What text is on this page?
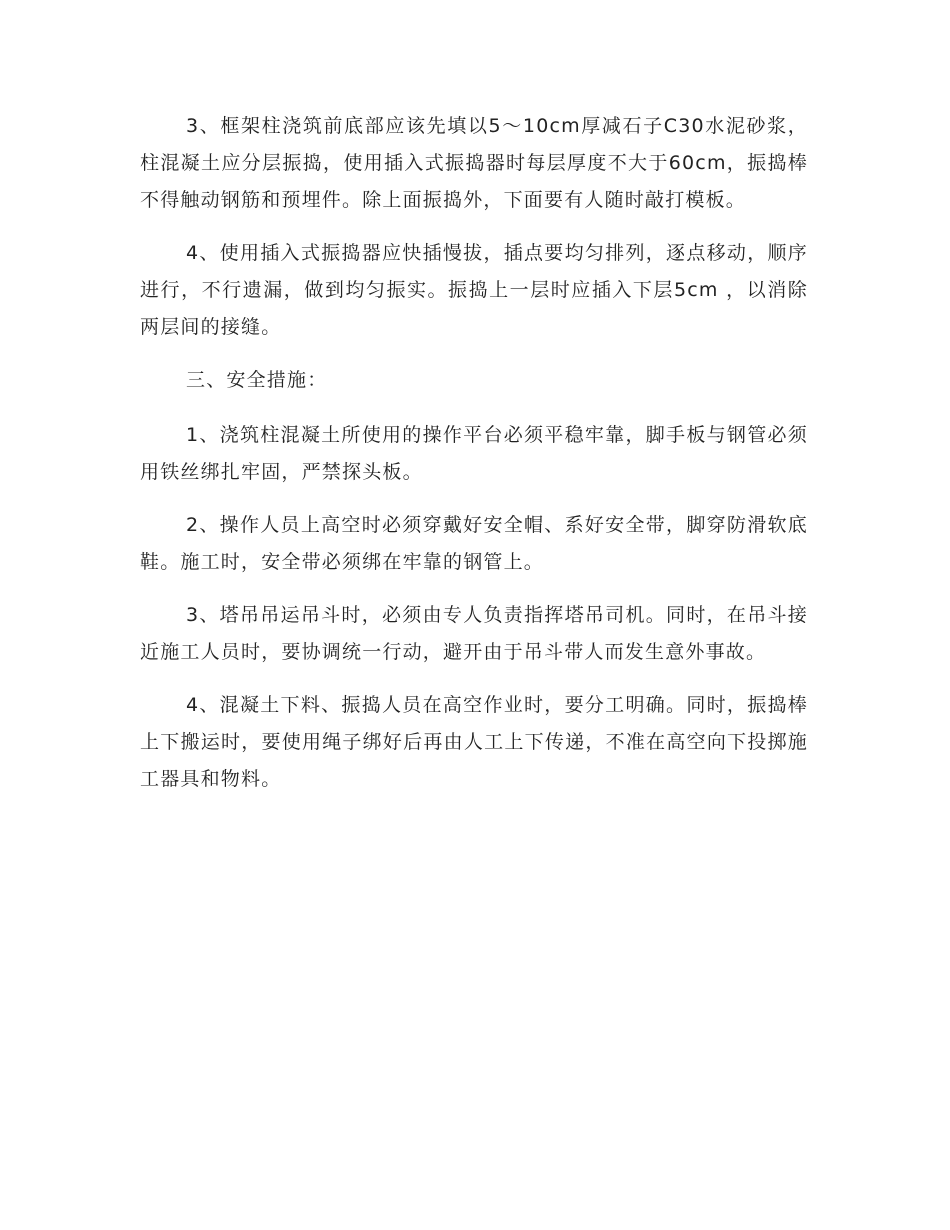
3、框架柱浇筑前底部应该先填以5～10cm厚减石子C30水泥砂浆，柱混凝土应分层振捣，使用插入式振捣器时每层厚度不大于60cm，振捣棒不得触动钢筋和预埋件。除上面振捣外，下面要有人随时敲打模板。

4、使用插入式振捣器应快插慢拔，插点要均匀排列，逐点移动，顺序进行，不行遗漏，做到均匀振实。振捣上一层时应插入下层5cm ，以消除两层间的接缝。

三、安全措施：

1、浇筑柱混凝土所使用的操作平台必须平稳牢靠，脚手板与钢管必须用铁丝绑扎牢固，严禁探头板。

2、操作人员上高空时必须穿戴好安全帽、系好安全带，脚穿防滑软底鞋。施工时，安全带必须绑在牢靠的钢管上。

3、塔吊吊运吊斗时，必须由专人负责指挥塔吊司机。同时，在吊斗接近施工人员时，要协调统一行动，避开由于吊斗带人而发生意外事故。

4、混凝土下料、振捣人员在高空作业时，要分工明确。同时，振捣棒上下搬运时，要使用绳子绑好后再由人工上下传递，不准在高空向下投掷施工器具和物料。
